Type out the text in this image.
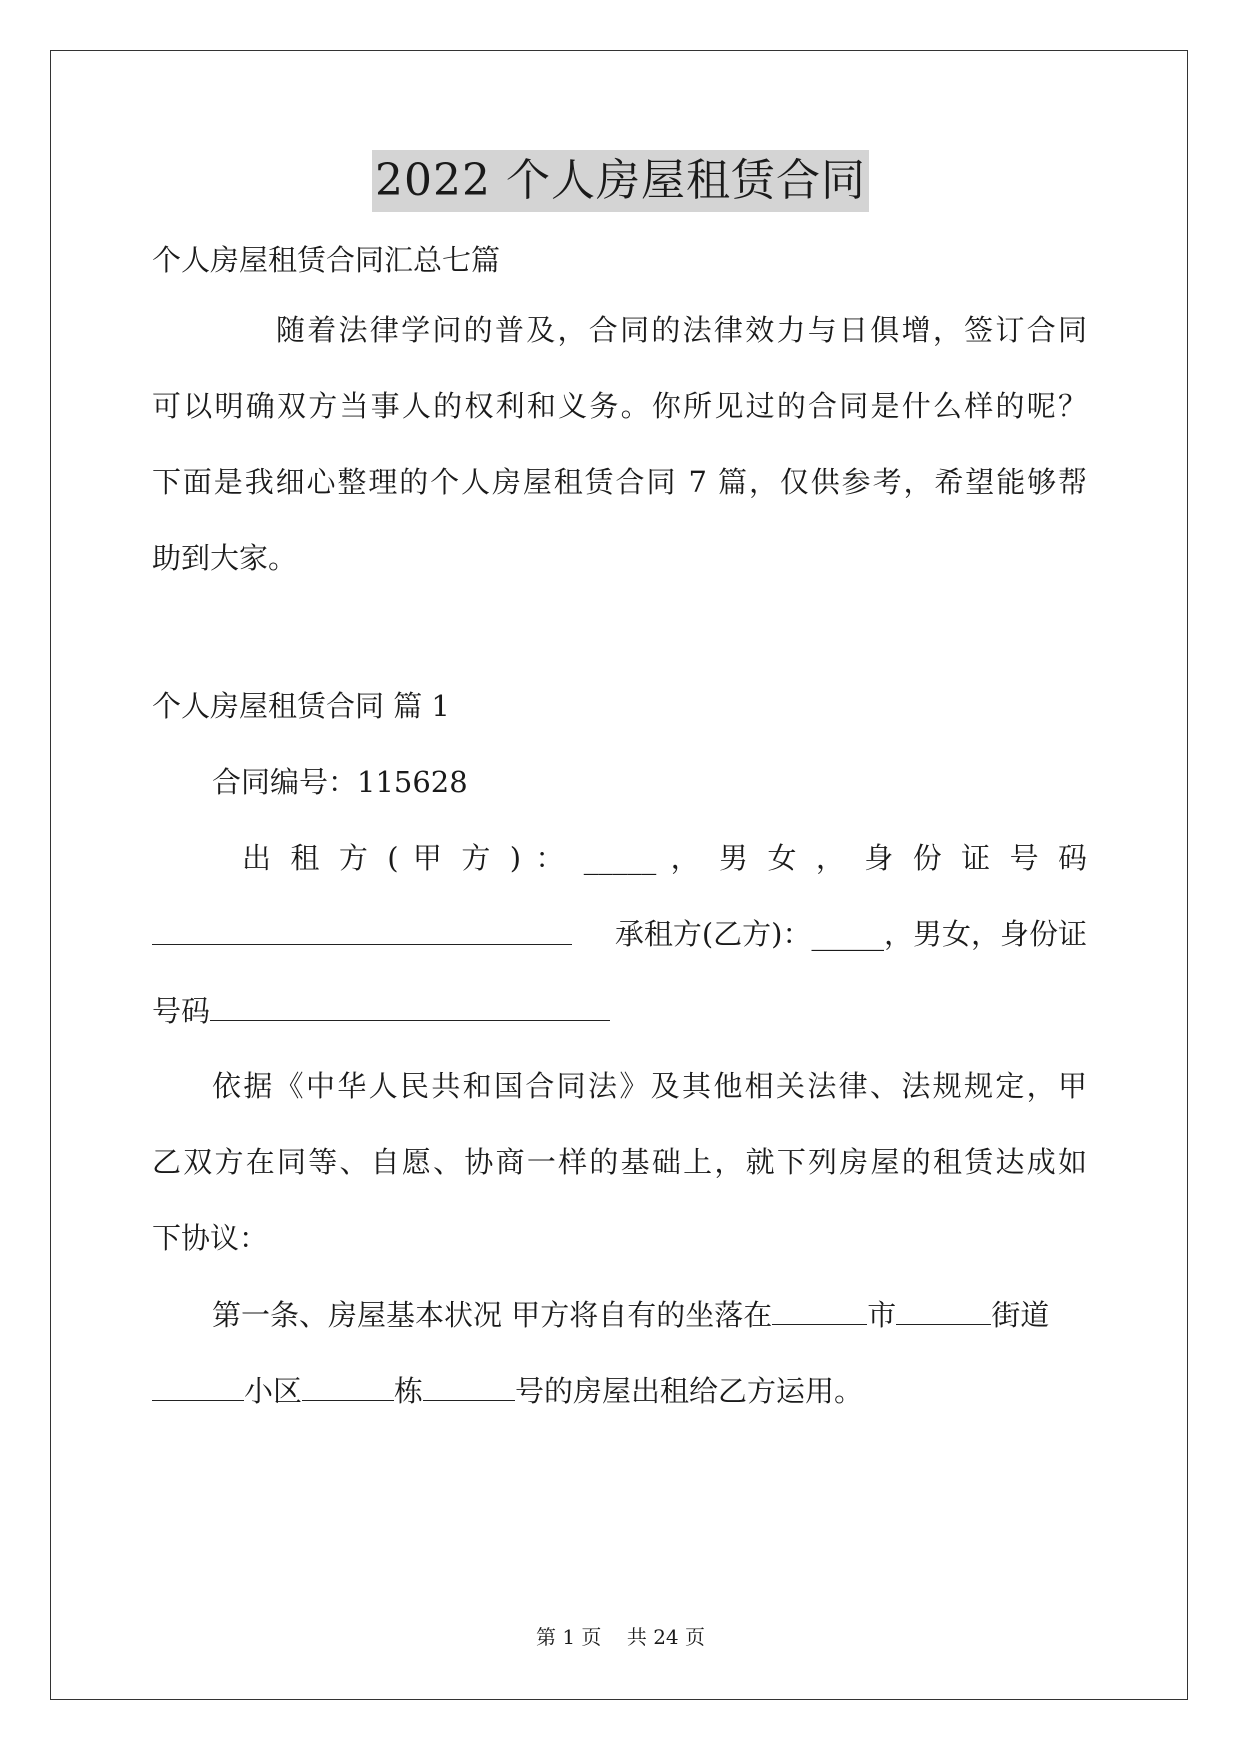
2022 个人房屋租赁合同
个人房屋租赁合同汇总七篇
随着法律学问的普及，合同的法律效力与日俱增，签订合同
可以明确双方当事人的权利和义务。你所见过的合同是什么样的呢？
下面是我细心整理的个人房屋租赁合同 7 篇，仅供参考，希望能够帮
助到大家。
个人房屋租赁合同 篇 1
合同编号：115628
出 租 方 ( 甲 方 ) ： _____ ， 男 女 ， 身 份 证 号 码
承租方(乙方)：_____，男女，身份证
号码
依据《中华人民共和国合同法》及其他相关法律、法规规定，甲
乙双方在同等、自愿、协商一样的基础上，就下列房屋的租赁达成如
下协议：
第一条、房屋基本状况 甲方将自有的坐落在	市	街道
小区	栋	号的房屋出租给乙方运用。
第 1 页    共 24 页
